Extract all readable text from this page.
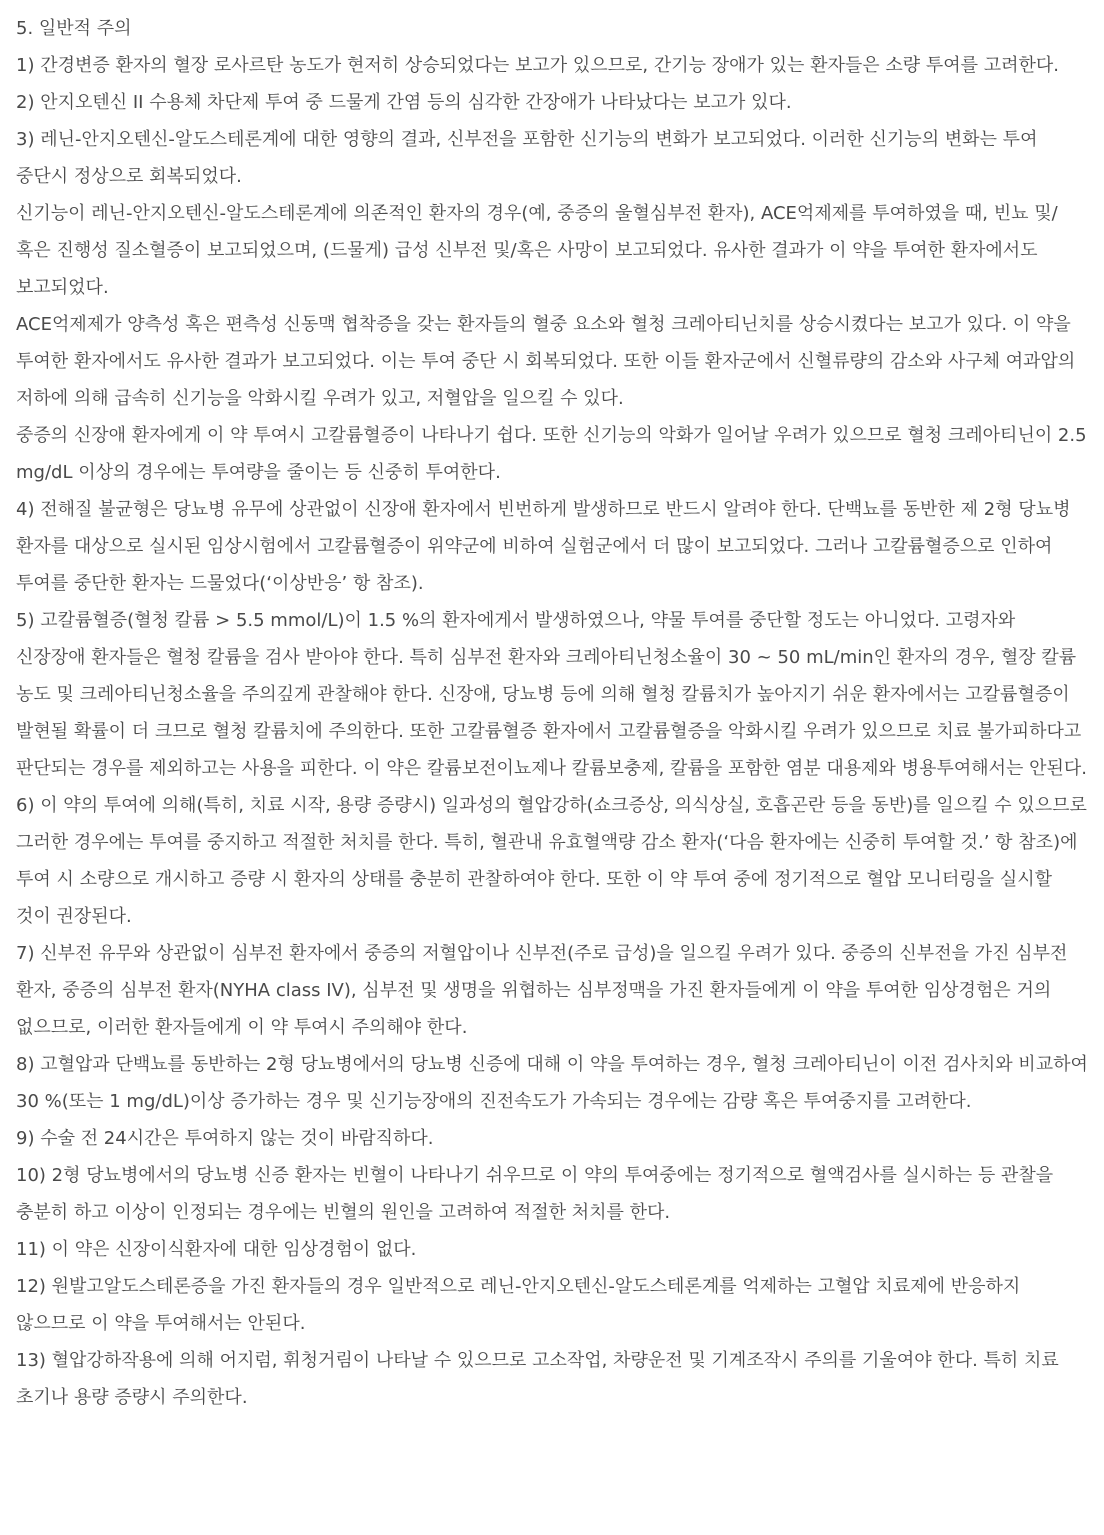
5. 일반적 주의

1) 간경변증 환자의 혈장 로사르탄 농도가 현저히 상승되었다는 보고가 있으므로, 간기능 장애가 있는 환자들은 소량 투여를 고려한다.

2) 안지오텐신 II 수용체 차단제 투여 중 드물게 간염 등의 심각한 간장애가 나타났다는 보고가 있다.

3) 레닌-안지오텐신-알도스테론계에 대한 영향의 결과, 신부전을 포함한 신기능의 변화가 보고되었다. 이러한 신기능의 변화는 투여 중단시 정상으로 회복되었다.

신기능이 레닌-안지오텐신-알도스테론계에 의존적인 환자의 경우(예, 중증의 울혈심부전 환자), ACE억제제를 투여하였을 때, 빈뇨 및/혹은 진행성 질소혈증이 보고되었으며, (드물게) 급성 신부전 및/혹은 사망이 보고되었다. 유사한 결과가 이 약을 투여한 환자에서도 보고되었다.

ACE억제제가 양측성 혹은 편측성 신동맥 협착증을 갖는 환자들의 혈중 요소와 혈청 크레아티닌치를 상승시켰다는 보고가 있다. 이 약을 투여한 환자에서도 유사한 결과가 보고되었다. 이는 투여 중단 시 회복되었다. 또한 이들 환자군에서 신혈류량의 감소와 사구체 여과압의 저하에 의해 급속히 신기능을 악화시킬 우려가 있고, 저혈압을 일으킬 수 있다.

중증의 신장애 환자에게 이 약 투여시 고칼륨혈증이 나타나기 쉽다. 또한 신기능의 악화가 일어날 우려가 있으므로 혈청 크레아티닌이 2.5 mg/dL 이상의 경우에는 투여량을 줄이는 등 신중히 투여한다.

4) 전해질 불균형은 당뇨병 유무에 상관없이 신장애 환자에서 빈번하게 발생하므로 반드시 알려야 한다. 단백뇨를 동반한 제 2형 당뇨병 환자를 대상으로 실시된 임상시험에서 고칼륨혈증이 위약군에 비하여 실험군에서 더 많이 보고되었다. 그러나 고칼륨혈증으로 인하여 투여를 중단한 환자는 드물었다(‘이상반응’ 항 참조).

5) 고칼륨혈증(혈청 칼륨 > 5.5 mmol/L)이 1.5 %의 환자에게서 발생하였으나, 약물 투여를 중단할 정도는 아니었다. 고령자와 신장장애 환자들은 혈청 칼륨을 검사 받아야 한다. 특히 심부전 환자와 크레아티닌청소율이 30 ~ 50 mL/min인 환자의 경우, 혈장 칼륨 농도 및 크레아티닌청소율을 주의깊게 관찰해야 한다. 신장애, 당뇨병 등에 의해 혈청 칼륨치가 높아지기 쉬운 환자에서는 고칼륨혈증이 발현될 확률이 더 크므로 혈청 칼륨치에 주의한다. 또한 고칼륨혈증 환자에서 고칼륨혈증을 악화시킬 우려가 있으므로 치료 불가피하다고 판단되는 경우를 제외하고는 사용을 피한다. 이 약은 칼륨보전이뇨제나 칼륨보충제, 칼륨을 포함한 염분 대용제와 병용투여해서는 안된다.

6) 이 약의 투여에 의해(특히, 치료 시작, 용량 증량시) 일과성의 혈압강하(쇼크증상, 의식상실, 호흡곤란 등을 동반)를 일으킬 수 있으므로 그러한 경우에는 투여를 중지하고 적절한 처치를 한다. 특히, 혈관내 유효혈액량 감소 환자(‘다음 환자에는 신중히 투여할 것.’ 항 참조)에 투여 시 소량으로 개시하고 증량 시 환자의 상태를 충분히 관찰하여야 한다. 또한 이 약 투여 중에 정기적으로 혈압 모니터링을 실시할 것이 권장된다.

7) 신부전 유무와 상관없이 심부전 환자에서 중증의 저혈압이나 신부전(주로 급성)을 일으킬 우려가 있다. 중증의 신부전을 가진 심부전 환자, 중증의 심부전 환자(NYHA class IV), 심부전 및 생명을 위협하는 심부정맥을 가진 환자들에게 이 약을 투여한 임상경험은 거의 없으므로, 이러한 환자들에게 이 약 투여시 주의해야 한다.

8) 고혈압과 단백뇨를 동반하는 2형 당뇨병에서의 당뇨병 신증에 대해 이 약을 투여하는 경우, 혈청 크레아티닌이 이전 검사치와 비교하여 30 %(또는 1 mg/dL)이상 증가하는 경우 및 신기능장애의 진전속도가 가속되는 경우에는 감량 혹은 투여중지를 고려한다.

9) 수술 전 24시간은 투여하지 않는 것이 바람직하다.

10) 2형 당뇨병에서의 당뇨병 신증 환자는 빈혈이 나타나기 쉬우므로 이 약의 투여중에는 정기적으로 혈액검사를 실시하는 등 관찰을 충분히 하고 이상이 인정되는 경우에는 빈혈의 원인을 고려하여 적절한 처치를 한다.

11) 이 약은 신장이식환자에 대한 임상경험이 없다.

12) 원발고알도스테론증을 가진 환자들의 경우 일반적으로 레닌-안지오텐신-알도스테론계를 억제하는 고혈압 치료제에 반응하지 않으므로 이 약을 투여해서는 안된다.

13) 혈압강하작용에 의해 어지럼, 휘청거림이 나타날 수 있으므로 고소작업, 차량운전 및 기계조작시 주의를 기울여야 한다. 특히 치료 초기나 용량 증량시 주의한다.
